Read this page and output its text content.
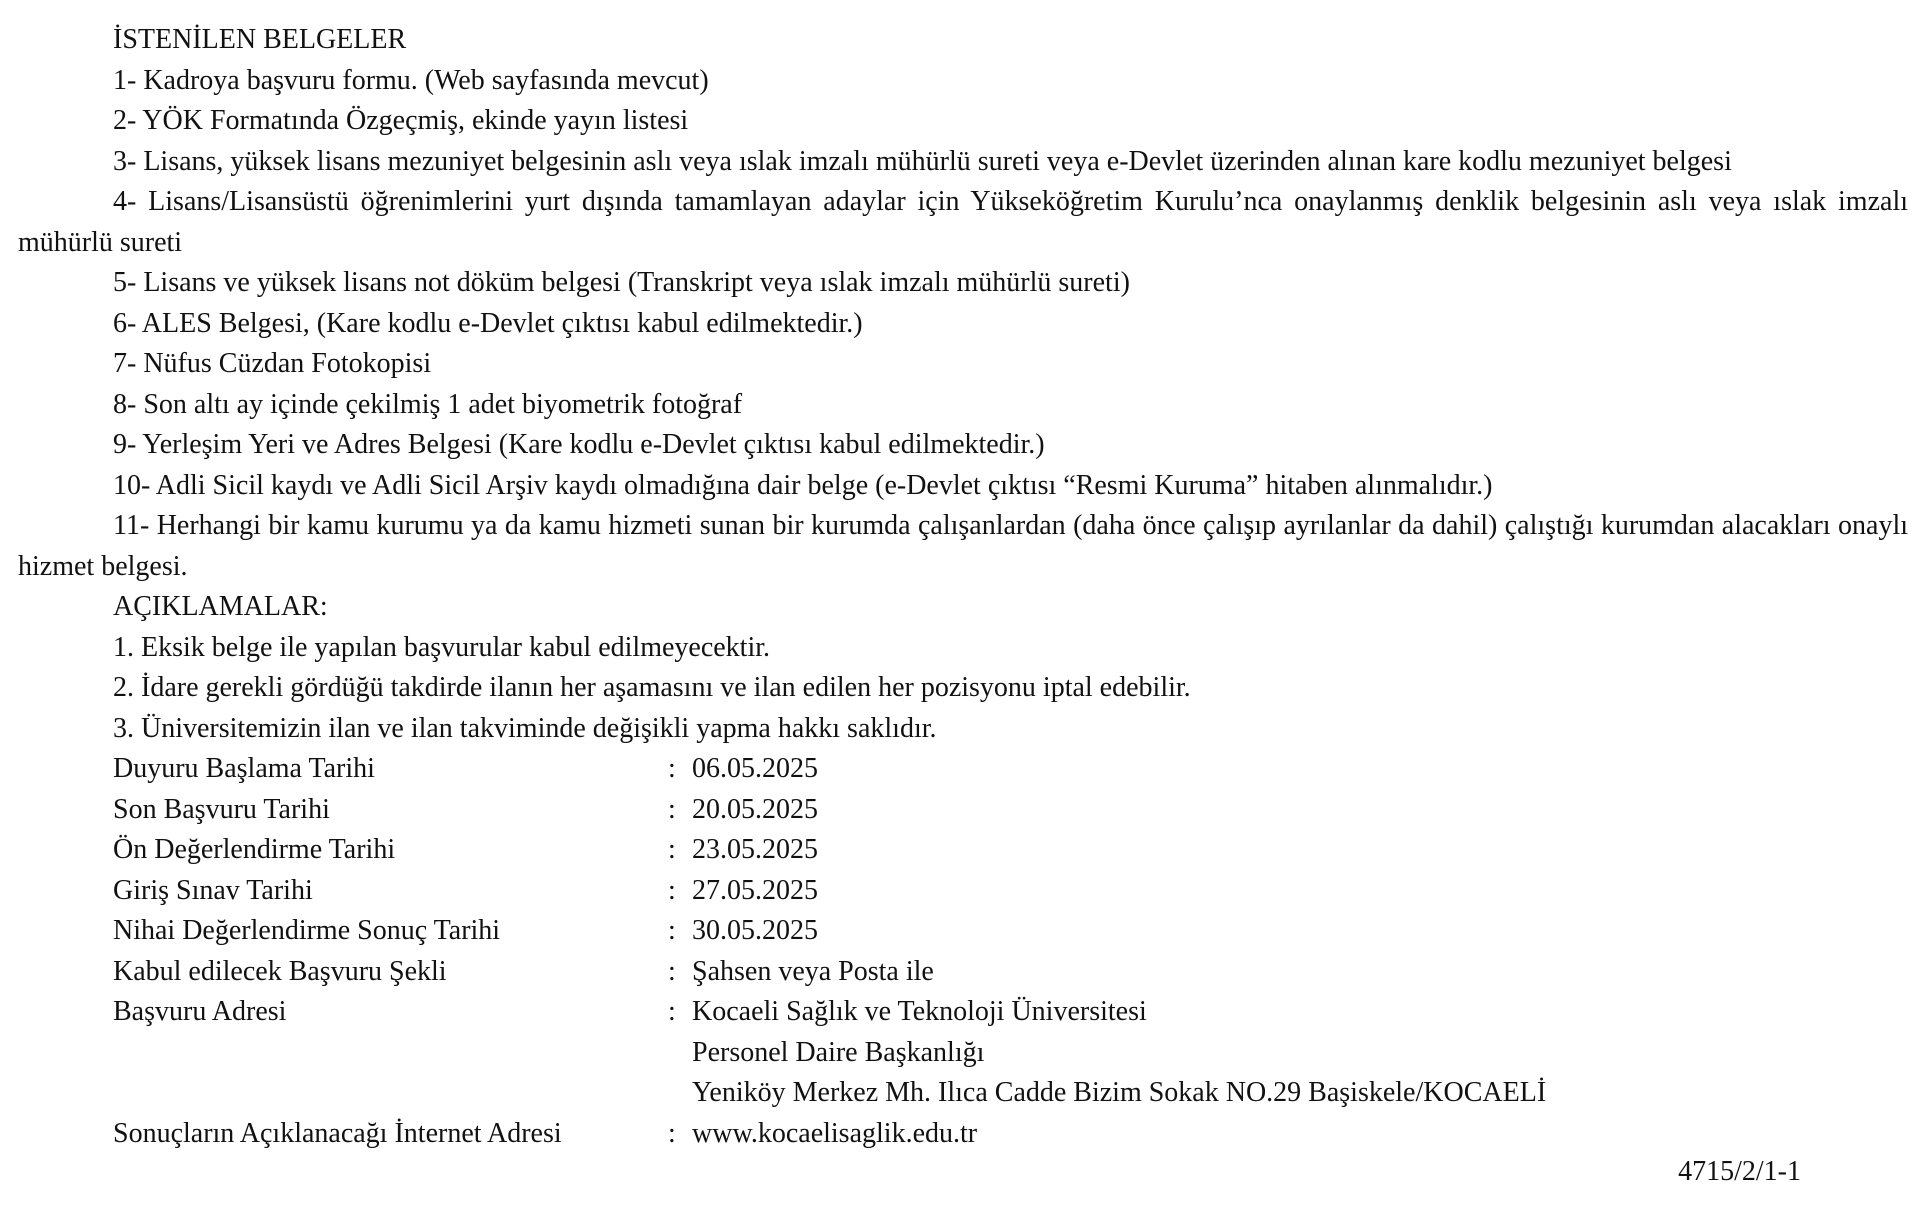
İSTENİLEN BELGELER

1- Kadroya başvuru formu. (Web sayfasında mevcut)

2- YÖK Formatında Özgeçmiş, ekinde yayın listesi

3- Lisans, yüksek lisans mezuniyet belgesinin aslı veya ıslak imzalı mühürlü sureti veya e-Devlet üzerinden alınan kare kodlu mezuniyet belgesi

4- Lisans/Lisansüstü öğrenimlerini yurt dışında tamamlayan adaylar için Yükseköğretim Kurulu’nca onaylanmış denklik belgesinin aslı veya ıslak imzalı mühürlü sureti

5- Lisans ve yüksek lisans not döküm belgesi (Transkript veya ıslak imzalı mühürlü sureti)

6- ALES Belgesi, (Kare kodlu e-Devlet çıktısı kabul edilmektedir.)

7- Nüfus Cüzdan Fotokopisi

8- Son altı ay içinde çekilmiş 1 adet biyometrik fotoğraf

9- Yerleşim Yeri ve Adres Belgesi (Kare kodlu e-Devlet çıktısı kabul edilmektedir.)

10- Adli Sicil kaydı ve Adli Sicil Arşiv kaydı olmadığına dair belge (e-Devlet çıktısı “Resmi Kuruma” hitaben alınmalıdır.)

11- Herhangi bir kamu kurumu ya da kamu hizmeti sunan bir kurumda çalışanlardan (daha önce çalışıp ayrılanlar da dahil) çalıştığı kurumdan alacakları onaylı hizmet belgesi.

AÇIKLAMALAR:

1. Eksik belge ile yapılan başvurular kabul edilmeyecektir.

2. İdare gerekli gördüğü takdirde ilanın her aşamasını ve ilan edilen her pozisyonu iptal edebilir.

3. Üniversitemizin ilan ve ilan takviminde değişikli yapma hakkı saklıdır.

Duyuru Başlama Tarihi	: 06.05.2025
Son Başvuru Tarihi	: 20.05.2025
Ön Değerlendirme Tarihi	: 23.05.2025
Giriş Sınav Tarihi	: 27.05.2025
Nihai Değerlendirme Sonuç Tarihi	: 30.05.2025
Kabul edilecek Başvuru Şekli	: Şahsen veya Posta ile
Başvuru Adresi	: Kocaeli Sağlık ve Teknoloji Üniversitesi
Personel Daire Başkanlığı
Yeniköy Merkez Mh. Ilıca Cadde Bizim Sokak NO.29 Başiskele/KOCAELİ
Sonuçların Açıklanacağı İnternet Adresi	: www.kocaelisaglik.edu.tr
4715/2/1-1
